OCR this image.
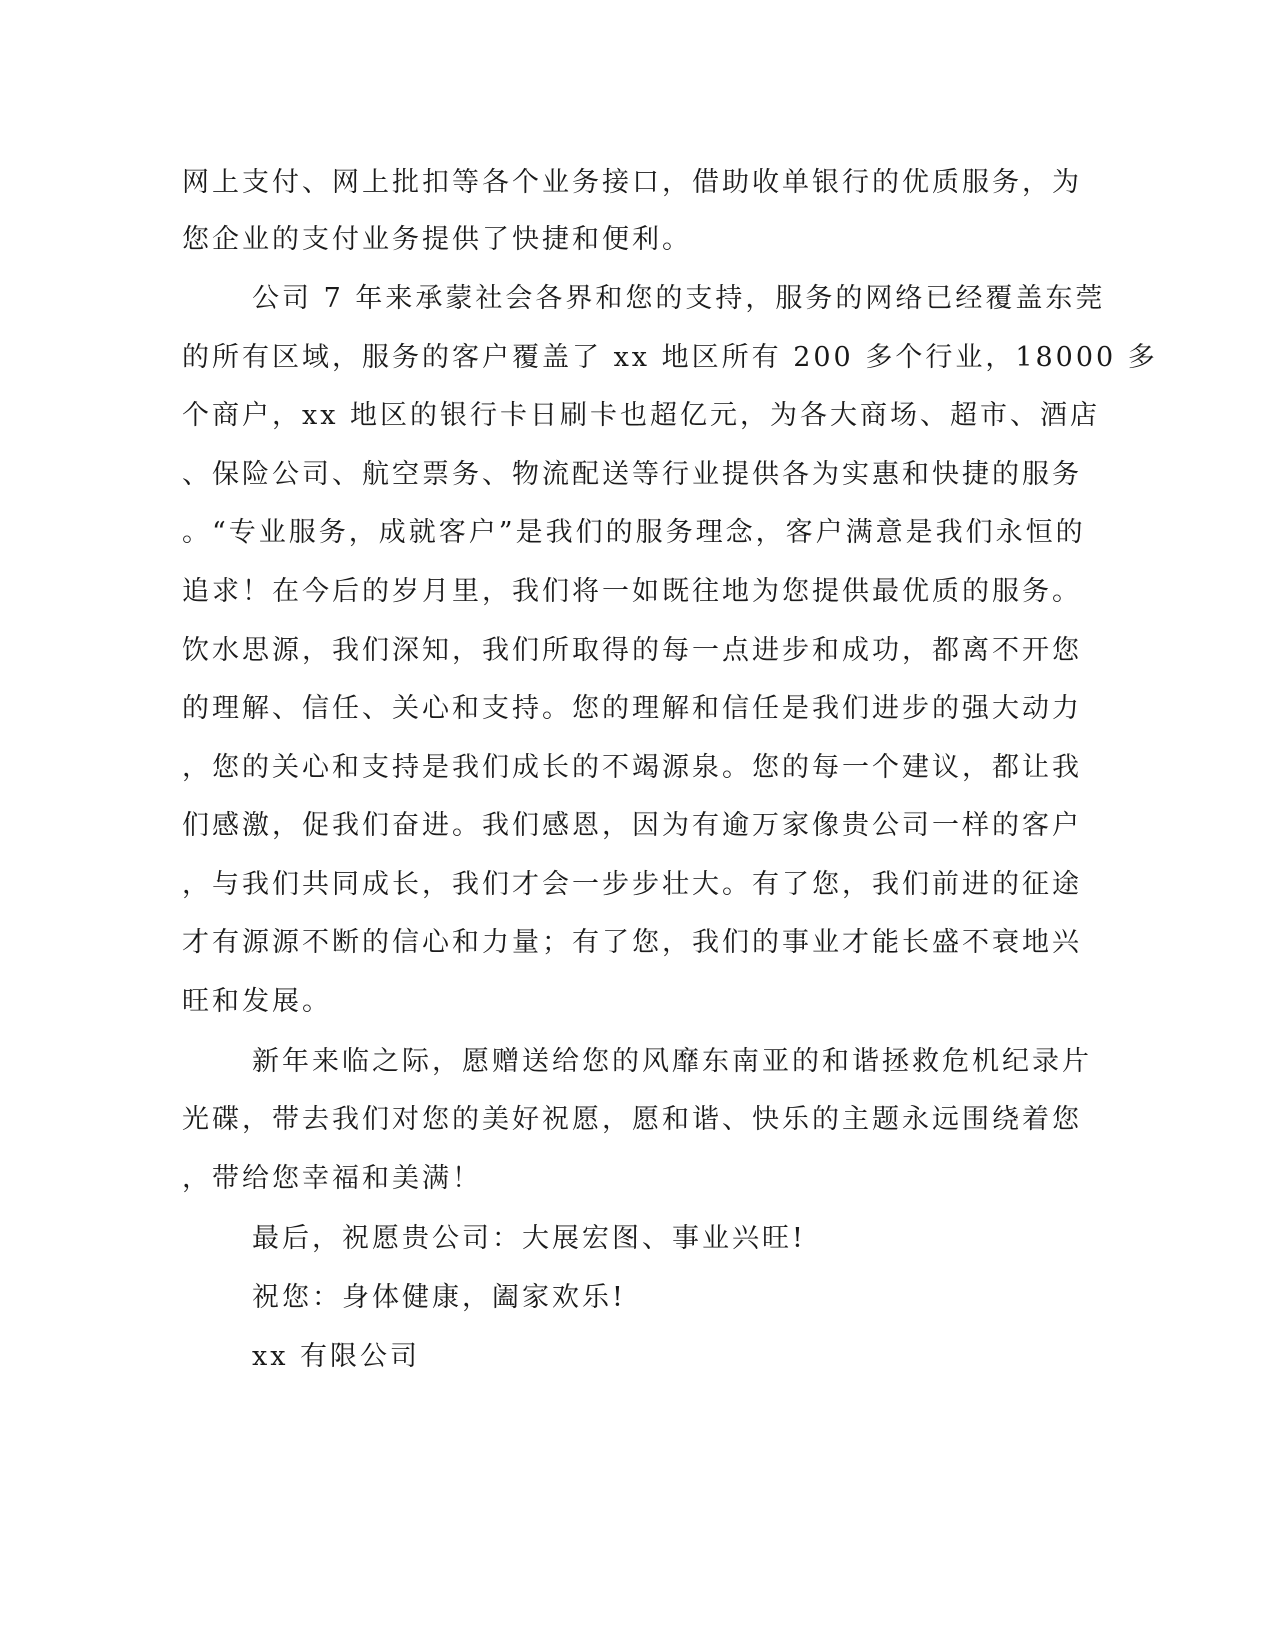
网上支付、网上批扣等各个业务接口，借助收单银行的优质服务，为
您企业的支付业务提供了快捷和便利。
公司 7 年来承蒙社会各界和您的支持，服务的网络已经覆盖东莞
的所有区域，服务的客户覆盖了 xx 地区所有 200 多个行业，18000 多
个商户，xx 地区的银行卡日刷卡也超亿元，为各大商场、超市、酒店
、保险公司、航空票务、物流配送等行业提供各为实惠和快捷的服务
。“专业服务，成就客户”是我们的服务理念，客户满意是我们永恒的
追求！在今后的岁月里，我们将一如既往地为您提供最优质的服务。
饮水思源，我们深知，我们所取得的每一点进步和成功，都离不开您
的理解、信任、关心和支持。您的理解和信任是我们进步的强大动力
，您的关心和支持是我们成长的不竭源泉。您的每一个建议，都让我
们感激，促我们奋进。我们感恩，因为有逾万家像贵公司一样的客户
，与我们共同成长，我们才会一步步壮大。有了您，我们前进的征途
才有源源不断的信心和力量；有了您，我们的事业才能长盛不衰地兴
旺和发展。
新年来临之际，愿赠送给您的风靡东南亚的和谐拯救危机纪录片
光碟，带去我们对您的美好祝愿，愿和谐、快乐的主题永远围绕着您
，带给您幸福和美满！
最后，祝愿贵公司：大展宏图、事业兴旺!
祝您：身体健康，阖家欢乐!
xx 有限公司
